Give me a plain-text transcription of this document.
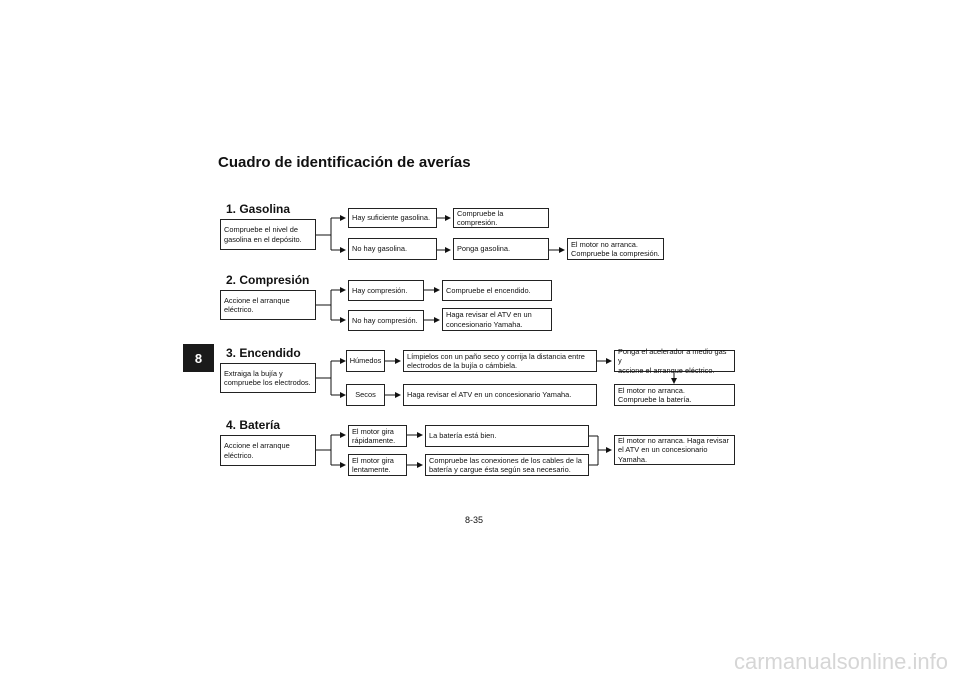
Cuadro de identificación de averías
8
1. Gasolina
Compruebe el nivel de
gasolina en el depósito.
Hay suficiente gasolina.
Compruebe la compresión.
No hay gasolina.	Ponga gasolina.
El motor no arranca.
Compruebe la compresión.
2. Compresión
Accione el arranque
eléctrico.
Hay compresión.	Compruebe el encendido.
No hay compresión.
Haga revisar el ATV en un
concesionario Yamaha.
3. Encendido
Extraiga la bujía y
compruebe los electrodos.
Húmedos
Límpielos con un paño seco y corrija la distancia entre
electrodos de la bujía o cámbiela.
Ponga el acelerador a medio gas y
accione el arranque eléctrico.
Secos	Haga revisar el ATV en un concesionario Yamaha.
El motor no arranca.
Compruebe la batería.
4. Batería
Accione el arranque
eléctrico.
El motor gira
rápidamente.
La batería está bien.
El motor gira
lentamente.
Compruebe las conexiones de los cables de la
batería y cargue ésta según sea necesario.
El motor no arranca. Haga revisar
el ATV en un concesionario
Yamaha.
8-35
carmanualsonline.info
